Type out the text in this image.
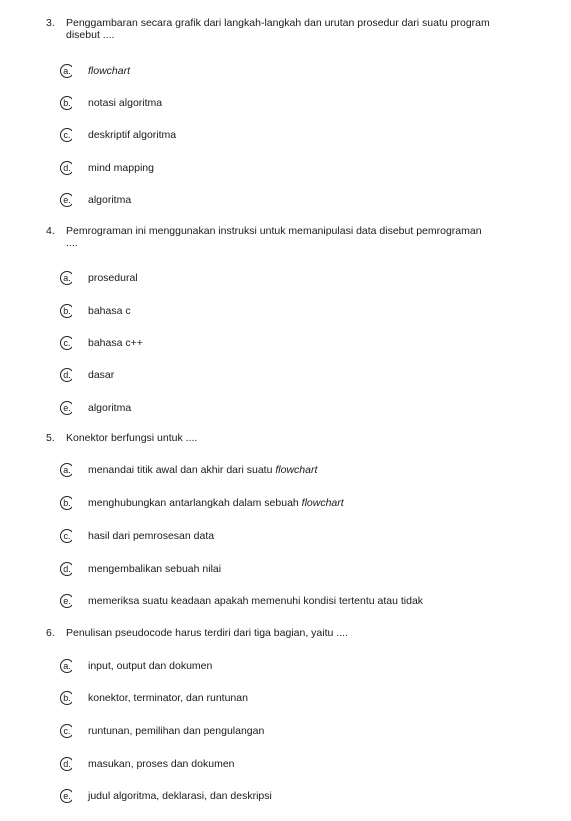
3. Penggambaran secara grafik dari langkah-langkah dan urutan prosedur dari suatu program
disebut ....
a.	flowchart
b.	notasi algoritma
c.	deskriptif algoritma
d.	mind mapping
e.	algoritma
4. Pemrograman ini menggunakan instruksi untuk memanipulasi data disebut pemrograman
....
a.	prosedural
b.	bahasa c
c.	bahasa c++
d.	dasar
e.	algoritma
5. Konektor berfungsi untuk ....
a.	menandai titik awal dan akhir dari suatu flowchart
b.	menghubungkan antarlangkah dalam sebuah flowchart
c.	hasil dari pemrosesan data
d.	mengembalikan sebuah nilai
e.	memeriksa suatu keadaan apakah memenuhi kondisi tertentu atau tidak
6. Penulisan pseudocode harus terdiri dari tiga bagian, yaitu ....
a.	input, output dan dokumen
b.	konektor, terminator, dan runtunan
c.	runtunan, pemilihan dan pengulangan
d.	masukan, proses dan dokumen
e.	judul algoritma, deklarasi, dan deskripsi
